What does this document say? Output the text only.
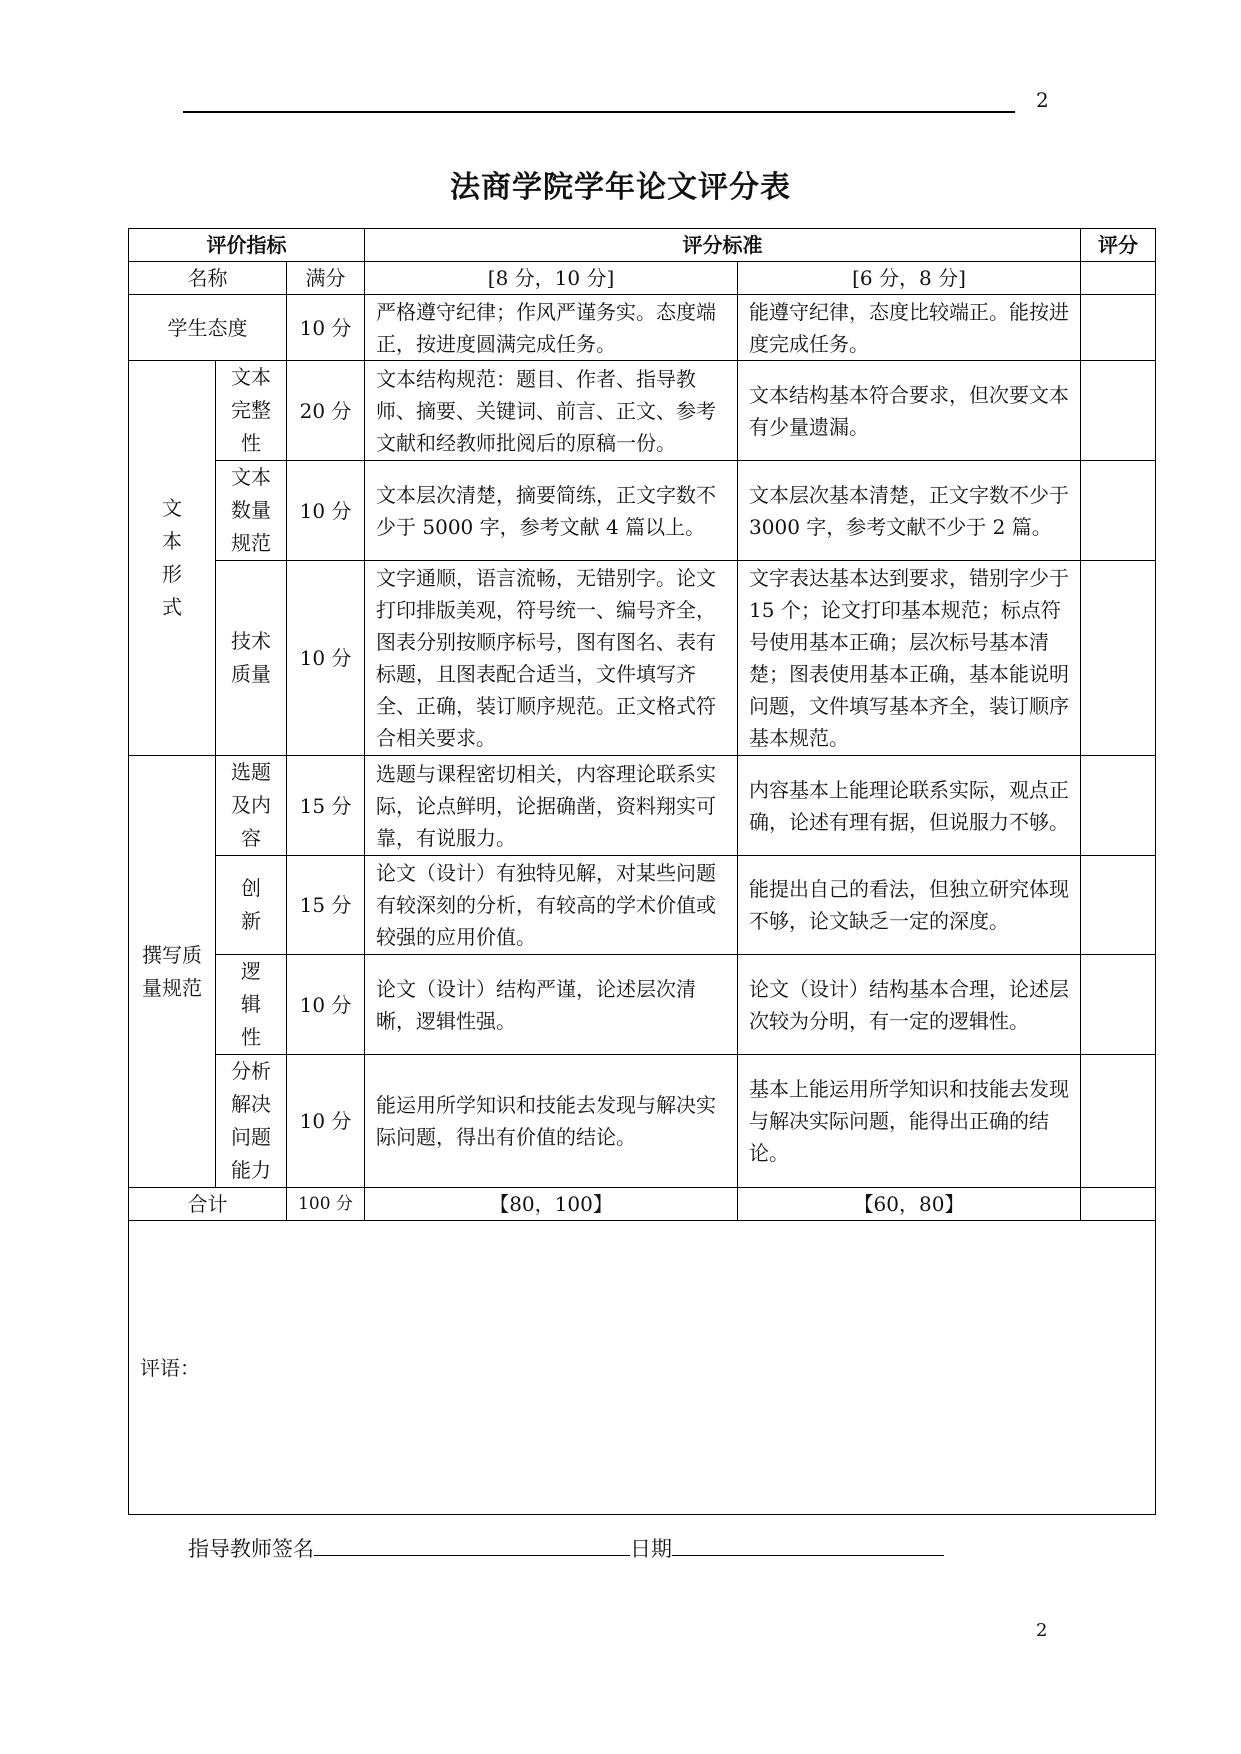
2
法商学院学年论文评分表
评价指标			评分标准		评分
名称		满分	[8 分，10 分]	[6 分，8 分]	
学生态度		10 分	严格遵守纪律；作风严谨务实。态度端正，按进度圆满完成任务。	能遵守纪律，态度比较端正。能按进度完成任务。	
文本形式	文本完整性	20 分	文本结构规范：题目、作者、指导教师、摘要、关键词、前言、正文、参考文献和经教师批阅后的原稿一份。	文本结构基本符合要求，但次要文本有少量遗漏。	
	文本数量规范	10 分	文本层次清楚，摘要简练，正文字数不少于 5000 字，参考文献 4 篇以上。	文本层次基本清楚，正文字数不少于 3000 字，参考文献不少于 2 篇。	
	技术质量	10 分	文字通顺，语言流畅，无错别字。论文打印排版美观，符号统一、编号齐全，图表分别按顺序标号，图有图名、表有标题，且图表配合适当，文件填写齐全、正确，装订顺序规范。正文格式符合相关要求。	文字表达基本达到要求，错别字少于 15 个；论文打印基本规范；标点符号使用基本正确；层次标号基本清楚；图表使用基本正确，基本能说明问题，文件填写基本齐全，装订顺序基本规范。	
撰写质量规范	选题及内容	15 分	选题与课程密切相关，内容理论联系实际，论点鲜明，论据确凿，资料翔实可靠，有说服力。	内容基本上能理论联系实际，观点正确，论述有理有据，但说服力不够。	
	创新	15 分	论文（设计）有独特见解，对某些问题有较深刻的分析，有较高的学术价值或较强的应用价值。	能提出自己的看法，但独立研究体现不够，论文缺乏一定的深度。	
	逻辑性	10 分	论文（设计）结构严谨，论述层次清晰，逻辑性强。	论文（设计）结构基本合理，论述层次较为分明，有一定的逻辑性。	
	分析解决问题能力	10 分	能运用所学知识和技能去发现与解决实际问题，得出有价值的结论。	基本上能运用所学知识和技能去发现与解决实际问题，能得出正确的结论。	
合计		100 分	【80，100】	【60，80】	
评语：					
指导教师签名	日期
2
